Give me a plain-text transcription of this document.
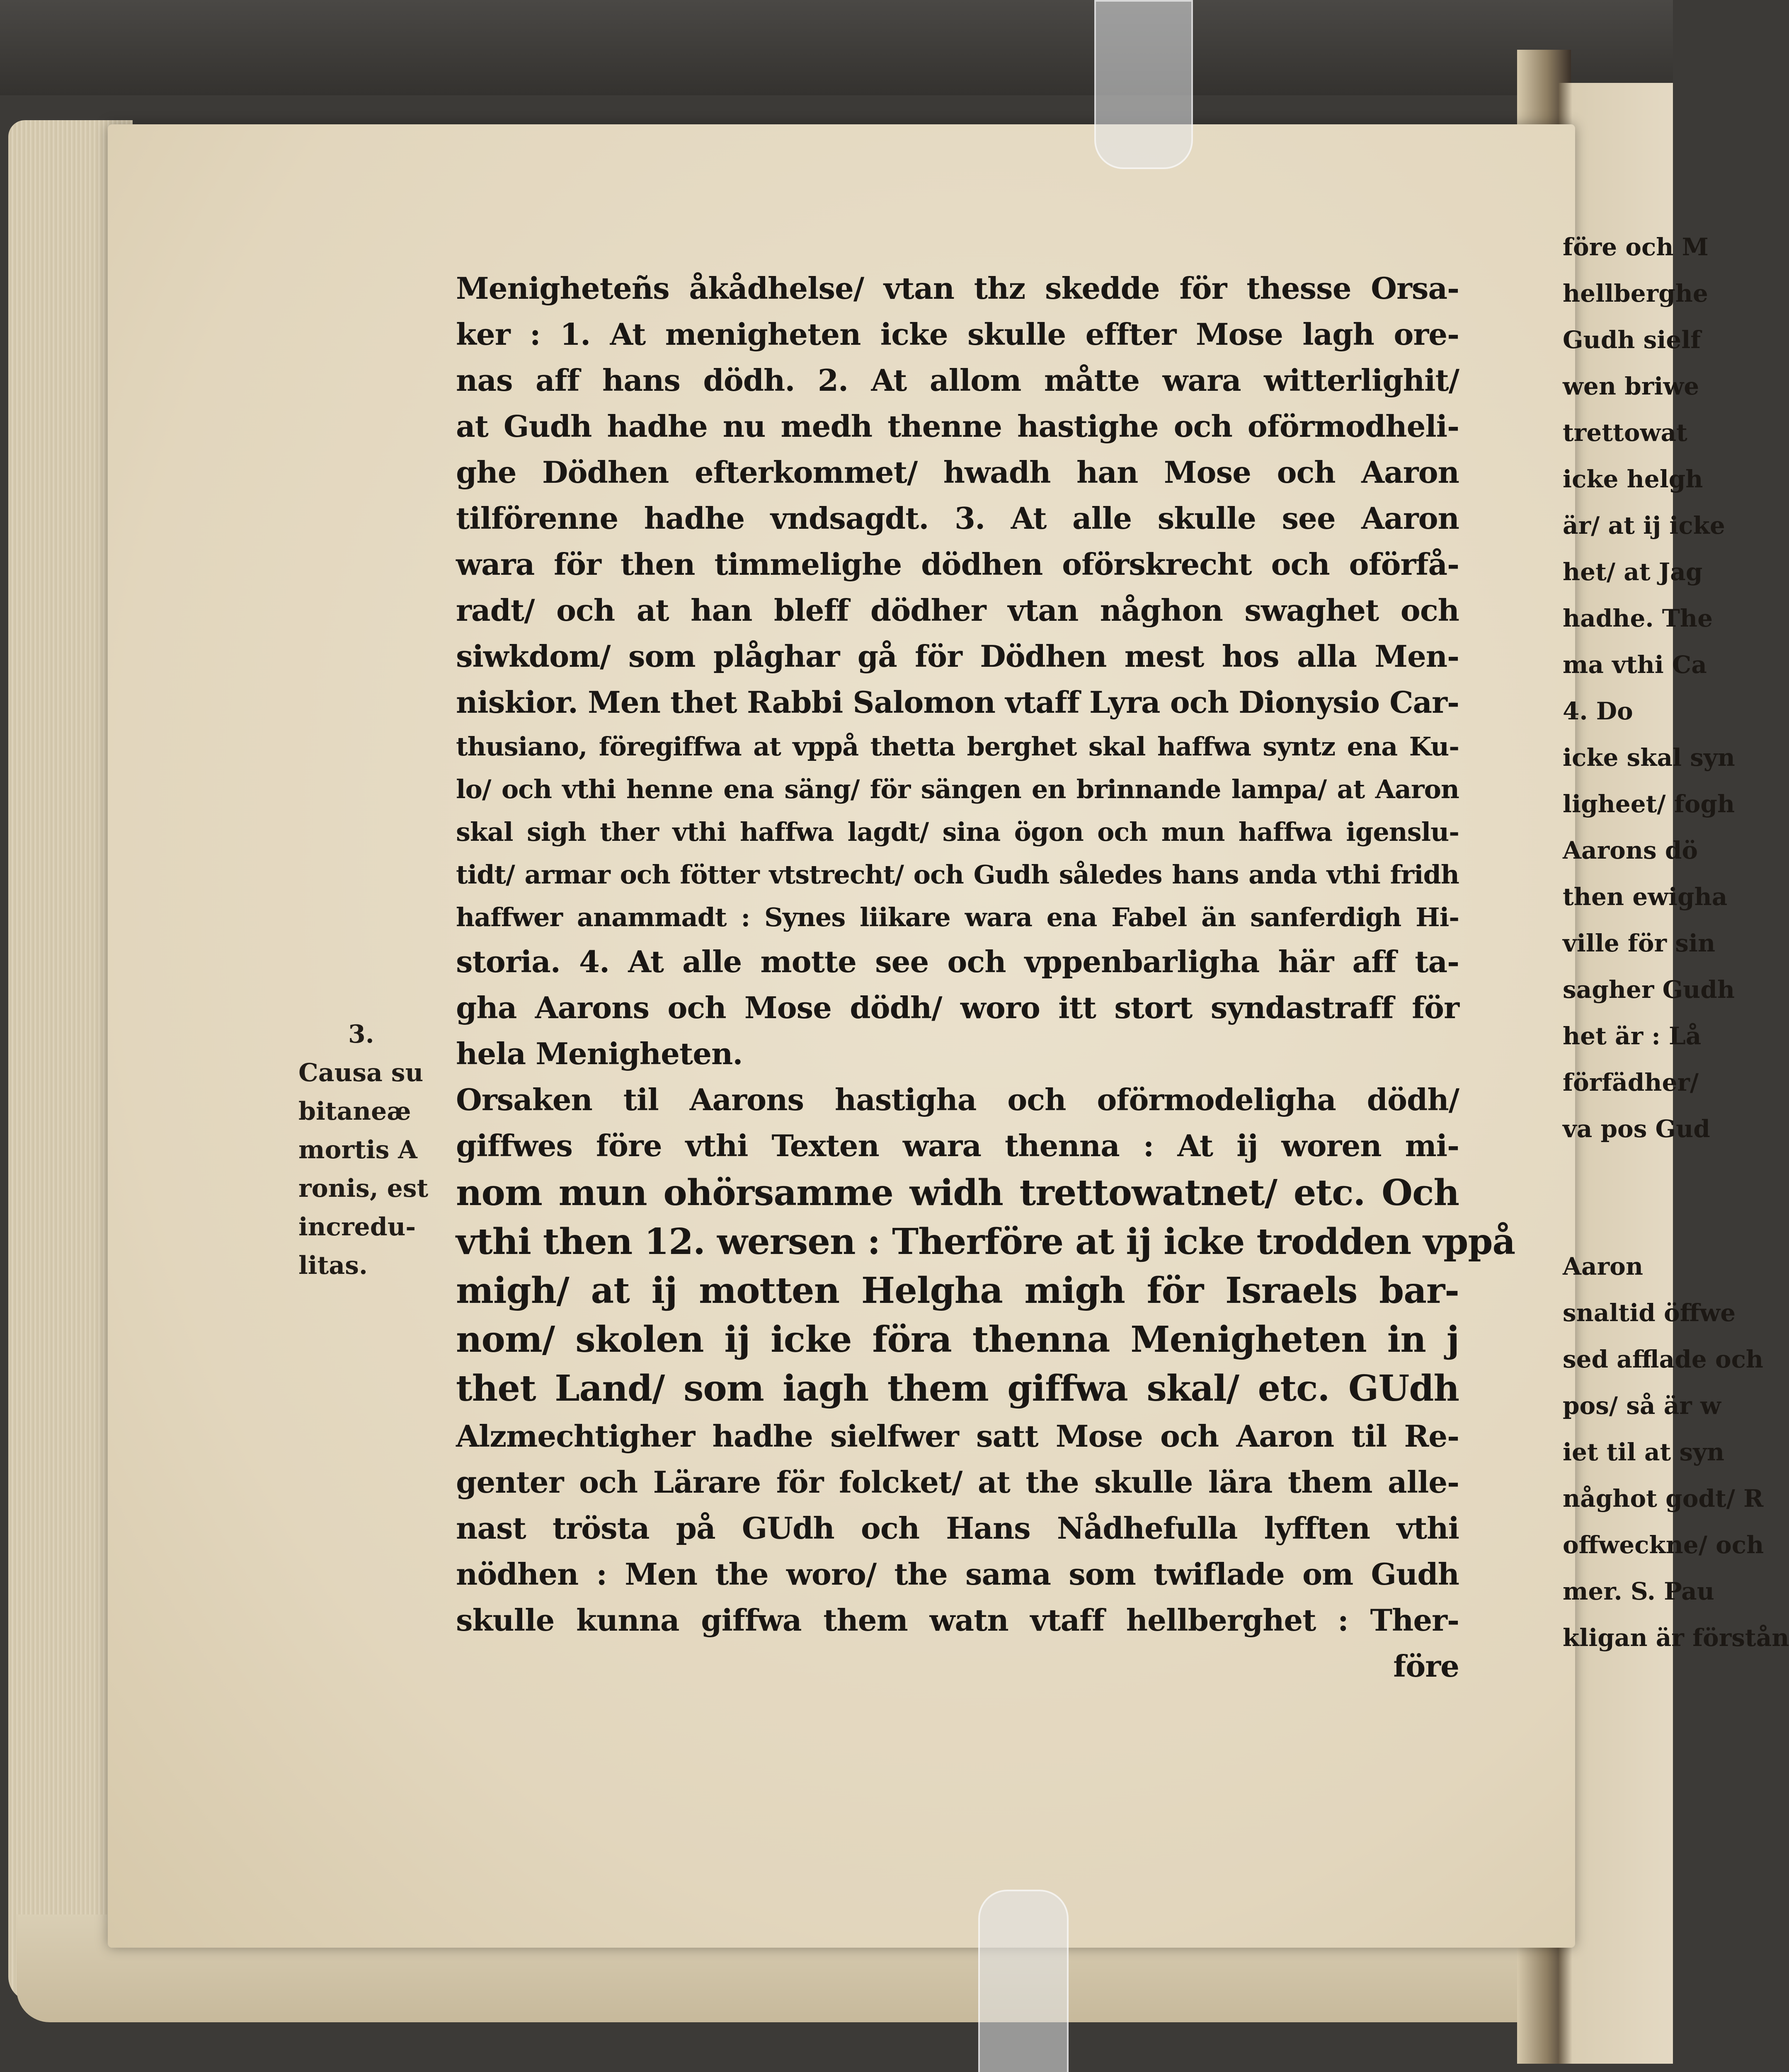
Menigheteñs åkådhelse/ vtan thz skedde för thesse Orsa-
ker : 1. At menigheten icke skulle effter Mose lagh ore-
nas aff hans dödh. 2. At allom måtte wara witterlighit/
at Gudh hadhe nu medh thenne hastighe och oförmodheli-
ghe Dödhen efterkommet/ hwadh han Mose och Aaron
tilförenne hadhe vndsagdt. 3. At alle skulle see Aaron
wara för then timmelighe dödhen oförskrecht och oförfå-
radt/ och at han bleff dödher vtan någhon swaghet och
siwkdom/ som plåghar gå för Dödhen mest hos alla Men-
niskior. Men thet Rabbi Salomon vtaff Lyra och Dionysio Car-
thusiano, föregiffwa at vppå thetta berghet skal haffwa syntz ena Ku-
lo/ och vthi henne ena säng/ för sängen en brinnande lampa/ at Aaron
skal sigh ther vthi haffwa lagdt/ sina ögon och mun haffwa igenslu-
tidt/ armar och fötter vtstrecht/ och Gudh således hans anda vthi fridh
haffwer anammadt : Synes liikare wara ena Fabel än sanferdigh Hi-
storia. 4. At alle motte see och vppenbarligha här aff ta-
gha Aarons och Mose dödh/ woro itt stort syndastraff för
hela Menigheten.
Orsaken til Aarons hastigha och oförmodeligha dödh/
giffwes före vthi Texten wara thenna : At ij woren mi-
nom mun ohörsamme widh trettowatnet/ etc. Och
vthi then 12. wersen : Therföre at ij icke trodden vppå
migh/ at ij motten Helgha migh för Israels bar-
nom/ skolen ij icke föra thenna Menigheten in j
thet Land/ som iagh them giffwa skal/ etc. GUdh
Alzmechtigher hadhe sielfwer satt Mose och Aaron til Re-
genter och Lärare för folcket/ at the skulle lära them alle-
nast trösta på GUdh och Hans Nådhefulla lyfften vthi
nödhen : Men the woro/ the sama som twiflade om Gudh
skulle kunna giffwa them watn vtaff hellberghet : Ther-
före
3.
Causa su
bitaneæ
mortis A
ronis, est
incredu-
litas.
före och M
hellberghe
Gudh sielf
wen briwe
trettowat
icke helgh
är/ at ij icke
het/ at Jag
hadhe. The
ma vthi Ca
4. Do
icke skal syn
ligheet/ fogh
Aarons dö
then ewigha
ville för sin
sagher Gudh
het är : Lå
förfädher/
va pos Gud
Aaron
snaltid öffwe
sed afflade och
pos/ så är w
iet til at syn
någhot godt/ R
offweckne/ och
mer. S. Pau
kligan är förstån
